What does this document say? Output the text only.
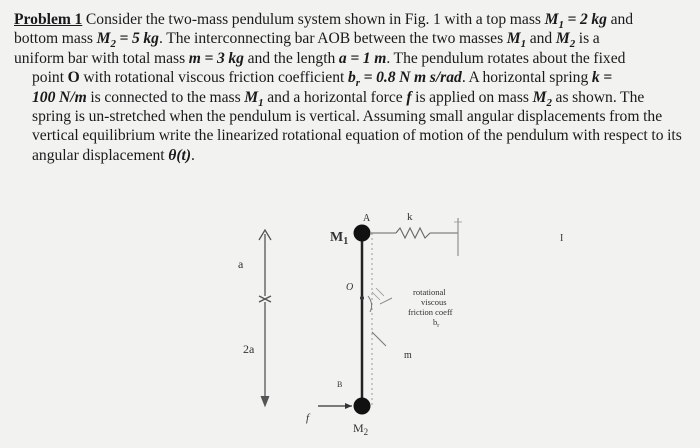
Problem 1 Consider the two-mass pendulum system shown in Fig. 1 with a top mass $M_1 = 2$ kg and
bottom mass $M_2 = 5$ kg. The interconnecting bar AOB between the two masses $M_1$ and $M_2$ is a
uniform bar with total mass m = 3 kg and the length a = 1 m. The pendulum rotates about the fixed
point O with rotational viscous friction coefficient $b_r = 0.8$ N m s/rad. A horizontal spring k =
100 N/m is connected to the mass $M_1$ and a horizontal force f is applied on mass $M_2$ as shown. The
spring is un-stretched when the pendulum is vertical. Assuming small angular displacements from the
vertical equilibrium write the linearized rotational equation of motion of the pendulum with respect to its
angular displacement θ(t).
a
2a
$M_1$
A	k
O	rotational
viscous
friction coeff
$b_r$
m
B
f
$M_2$
I
